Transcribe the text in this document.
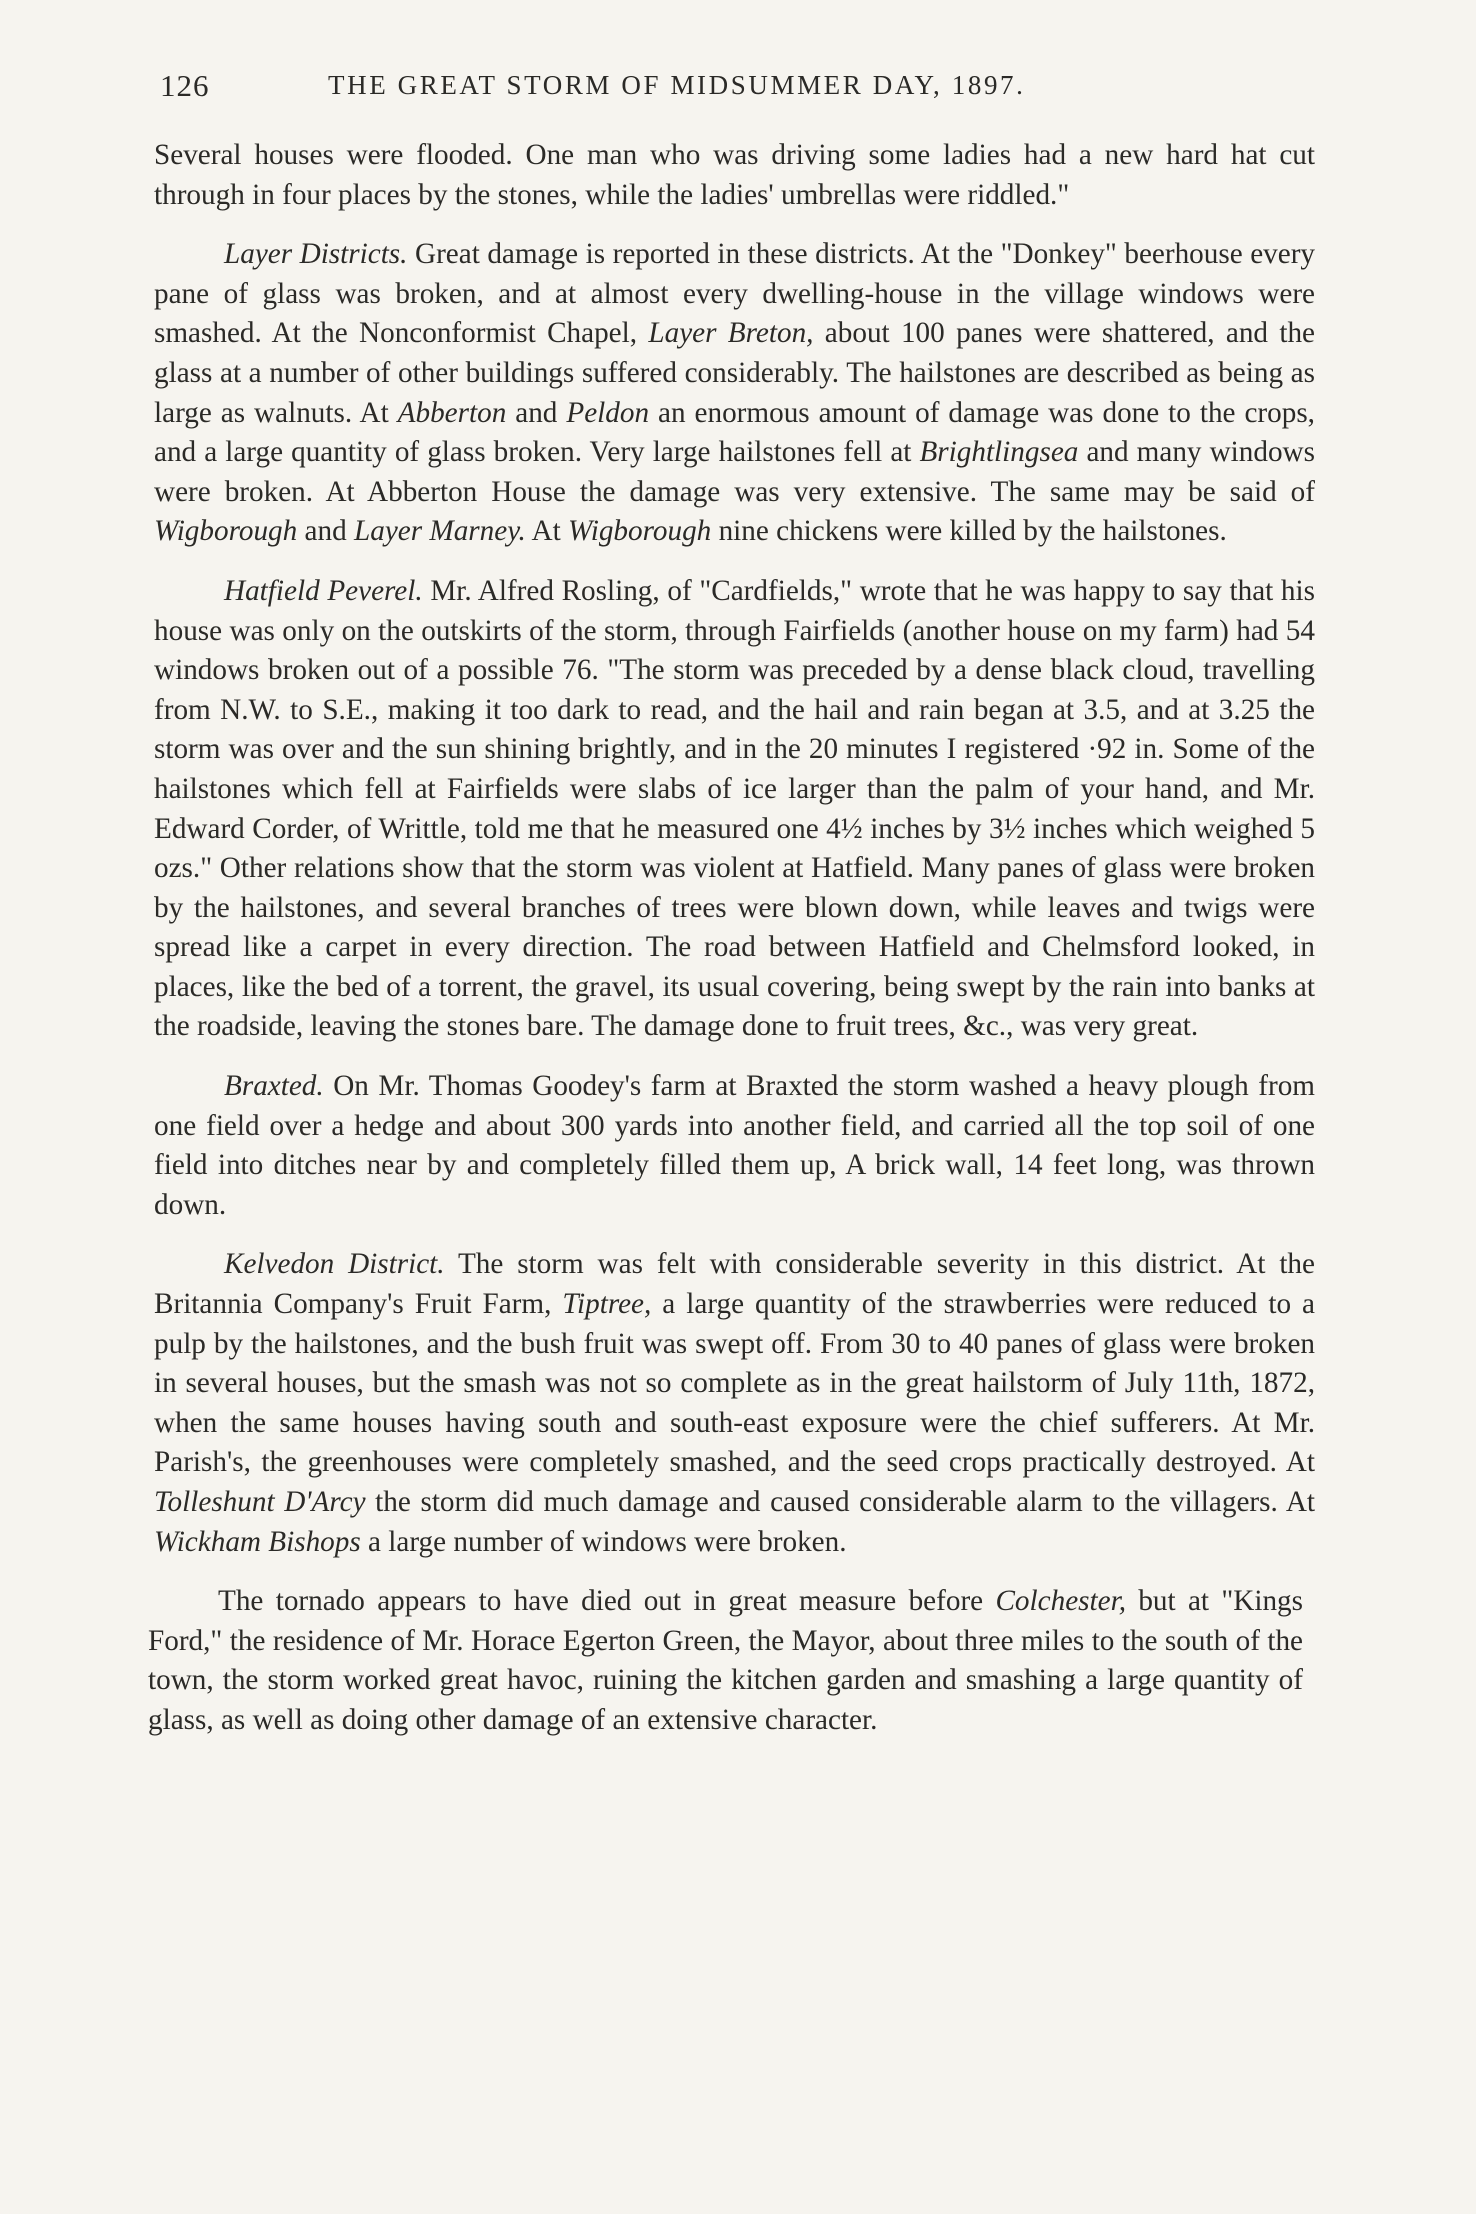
126	THE GREAT STORM OF MIDSUMMER DAY, 1897.

Several houses were flooded. One man who was driving some ladies had a new hard hat cut through in four places by the stones, while the ladies' umbrellas were riddled."

Layer Districts. Great damage is reported in these districts. At the "Donkey" beerhouse every pane of glass was broken, and at almost every dwelling-house in the village windows were smashed. At the Nonconformist Chapel, Layer Breton, about 100 panes were shattered, and the glass at a number of other buildings suffered considerably. The hailstones are described as being as large as walnuts. At Abberton and Peldon an enormous amount of damage was done to the crops, and a large quantity of glass broken. Very large hailstones fell at Brightlingsea and many windows were broken. At Abberton House the damage was very extensive. The same may be said of Wigborough and Layer Marney. At Wigborough nine chickens were killed by the hailstones.

Hatfield Peverel. Mr. Alfred Rosling, of "Cardfields," wrote that he was happy to say that his house was only on the outskirts of the storm, through Fairfields (another house on my farm) had 54 windows broken out of a possible 76. "The storm was preceded by a dense black cloud, travelling from N.W. to S.E., making it too dark to read, and the hail and rain began at 3.5, and at 3.25 the storm was over and the sun shining brightly, and in the 20 minutes I registered ·92 in. Some of the hailstones which fell at Fairfields were slabs of ice larger than the palm of your hand, and Mr. Edward Corder, of Writtle, told me that he measured one 4½ inches by 3½ inches which weighed 5 ozs." Other relations show that the storm was violent at Hatfield. Many panes of glass were broken by the hailstones, and several branches of trees were blown down, while leaves and twigs were spread like a carpet in every direction. The road between Hatfield and Chelmsford looked, in places, like the bed of a torrent, the gravel, its usual covering, being swept by the rain into banks at the roadside, leaving the stones bare. The damage done to fruit trees, &c., was very great.

Braxted. On Mr. Thomas Goodey's farm at Braxted the storm washed a heavy plough from one field over a hedge and about 300 yards into another field, and carried all the top soil of one field into ditches near by and completely filled them up, A brick wall, 14 feet long, was thrown down.

Kelvedon District. The storm was felt with considerable severity in this district. At the Britannia Company's Fruit Farm, Tiptree, a large quantity of the strawberries were reduced to a pulp by the hailstones, and the bush fruit was swept off. From 30 to 40 panes of glass were broken in several houses, but the smash was not so complete as in the great hailstorm of July 11th, 1872, when the same houses having south and south-east exposure were the chief sufferers. At Mr. Parish's, the greenhouses were completely smashed, and the seed crops practically destroyed. At Tolleshunt D'Arcy the storm did much damage and caused considerable alarm to the villagers. At Wickham Bishops a large number of windows were broken.

The tornado appears to have died out in great measure before Colchester, but at "Kings Ford," the residence of Mr. Horace Egerton Green, the Mayor, about three miles to the south of the town, the storm worked great havoc, ruining the kitchen garden and smashing a large quantity of glass, as well as doing other damage of an extensive character.
